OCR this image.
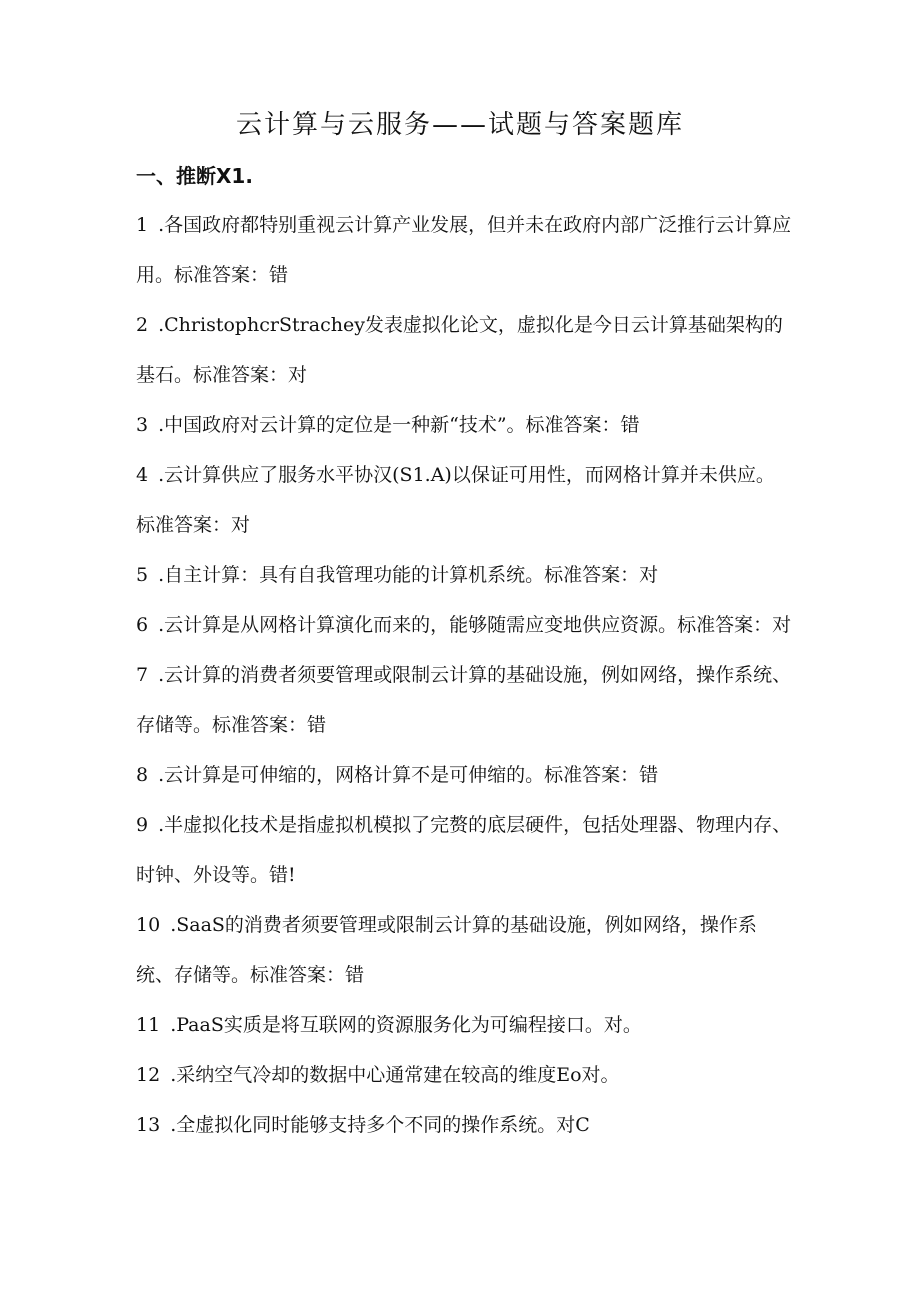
云计算与云服务——试题与答案题库
一、推断X1.
1 .各国政府都特别重视云计算产业发展，但并未在政府内部广泛推行云计算应用。标准答案：错
2 .ChristophcrStrachey发表虚拟化论文，虚拟化是今日云计算基础架构的基石。标准答案：对
3 .中国政府对云计算的定位是一种新“技术”。标准答案：错
4 .云计算供应了服务水平协汉(S1.A)以保证可用性，而网格计算并未供应。标准答案：对
5 .自主计算：具有自我管理功能的计算机系统。标准答案：对
6 .云计算是从网格计算演化而来的，能够随需应变地供应资源。标准答案：对
7 .云计算的消费者须要管理或限制云计算的基础设施，例如网络，操作系统、存储等。标准答案：错
8 .云计算是可伸缩的，网格计算不是可伸缩的。标准答案：错
9 .半虚拟化技术是指虚拟机模拟了完赘的底层硬件，包括处理器、物理内存、时钟、外设等。错!
10 .SaaS的消费者须要管理或限制云计算的基础设施，例如网络，操作系统、存储等。标准答案：错
11 .PaaS实质是将互联网的资源服务化为可编程接口。对。
12 .采纳空气冷却的数据中心通常建在较高的维度Eo对。
13 .全虚拟化同时能够支持多个不同的操作系统。对C
